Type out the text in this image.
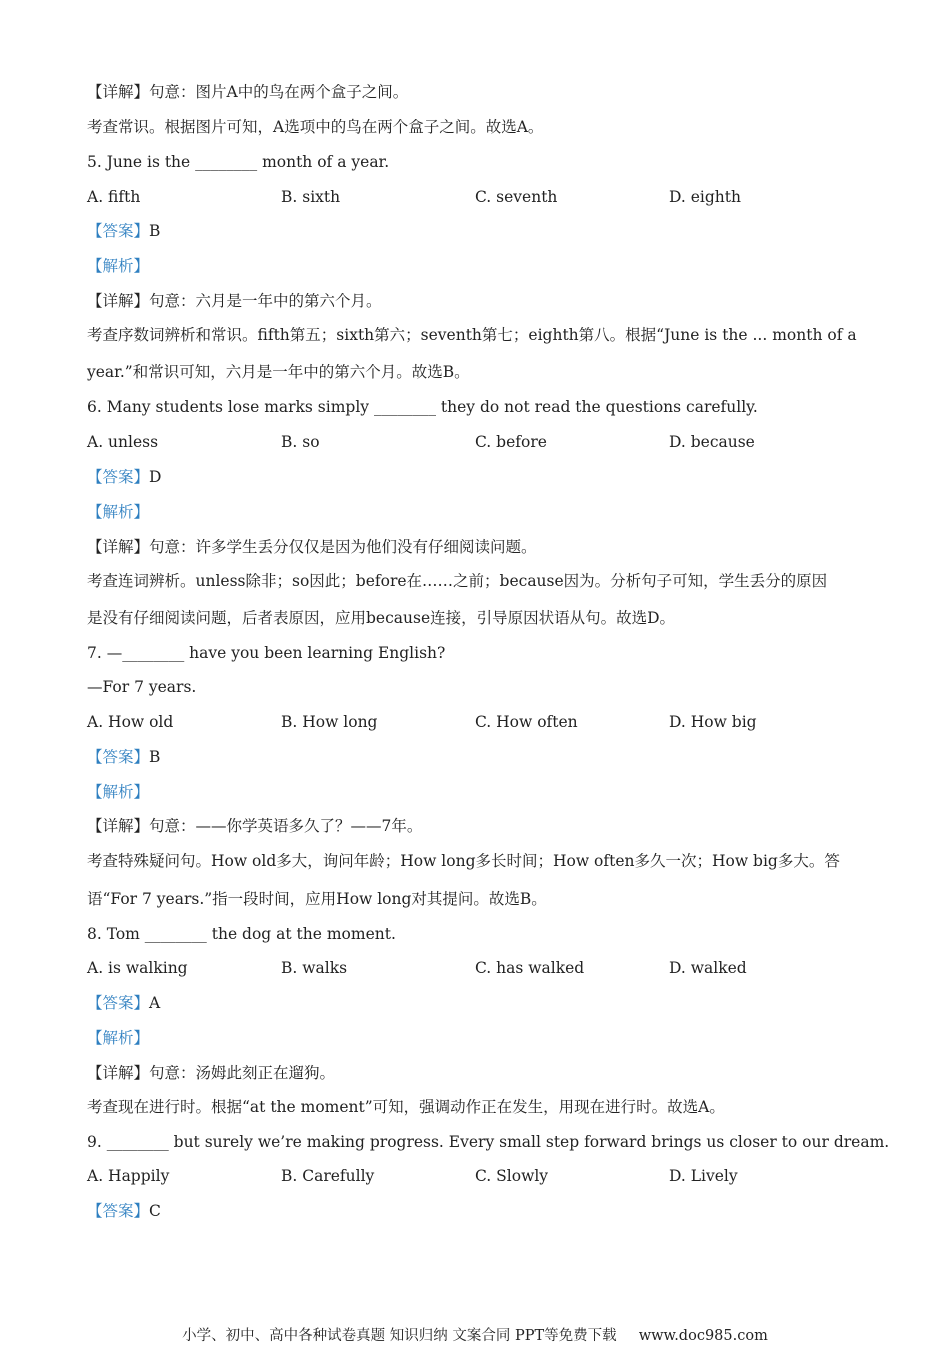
【详解】句意：图片A中的鸟在两个盒子之间。
考查常识。根据图片可知，A选项中的鸟在两个盒子之间。故选A。
5. June is the ________ month of a year.
A. fifth	B. sixth	C. seventh	D. eighth
【答案】B
【解析】
【详解】句意：六月是一年中的第六个月。
考查序数词辨析和常识。fifth第五；sixth第六；seventh第七；eighth第八。根据“June is the ... month of a
year.”和常识可知，六月是一年中的第六个月。故选B。
6. Many students lose marks simply ________ they do not read the questions carefully.
A. unless	B. so	C. before	D. because
【答案】D
【解析】
【详解】句意：许多学生丢分仅仅是因为他们没有仔细阅读问题。
考查连词辨析。unless除非；so因此；before在……之前；because因为。分析句子可知，学生丢分的原因
是没有仔细阅读问题，后者表原因，应用because连接，引导原因状语从句。故选D。
7. —________ have you been learning English?
—For 7 years.
A. How old	B. How long	C. How often	D. How big
【答案】B
【解析】
【详解】句意：——你学英语多久了？——7年。
考查特殊疑问句。How old多大，询问年龄；How long多长时间；How often多久一次；How big多大。答
语“For 7 years.”指一段时间，应用How long对其提问。故选B。
8. Tom ________ the dog at the moment.
A. is walking	B. walks	C. has walked	D. walked
【答案】A
【解析】
【详解】句意：汤姆此刻正在遛狗。
考查现在进行时。根据“at the moment”可知，强调动作正在发生，用现在进行时。故选A。
9. ________ but surely we’re making progress. Every small step forward brings us closer to our dream.
A. Happily	B. Carefully	C. Slowly	D. Lively
【答案】C
小学、初中、高中各种试卷真题 知识归纳 文案合同 PPT等免费下载 www.doc985.com
